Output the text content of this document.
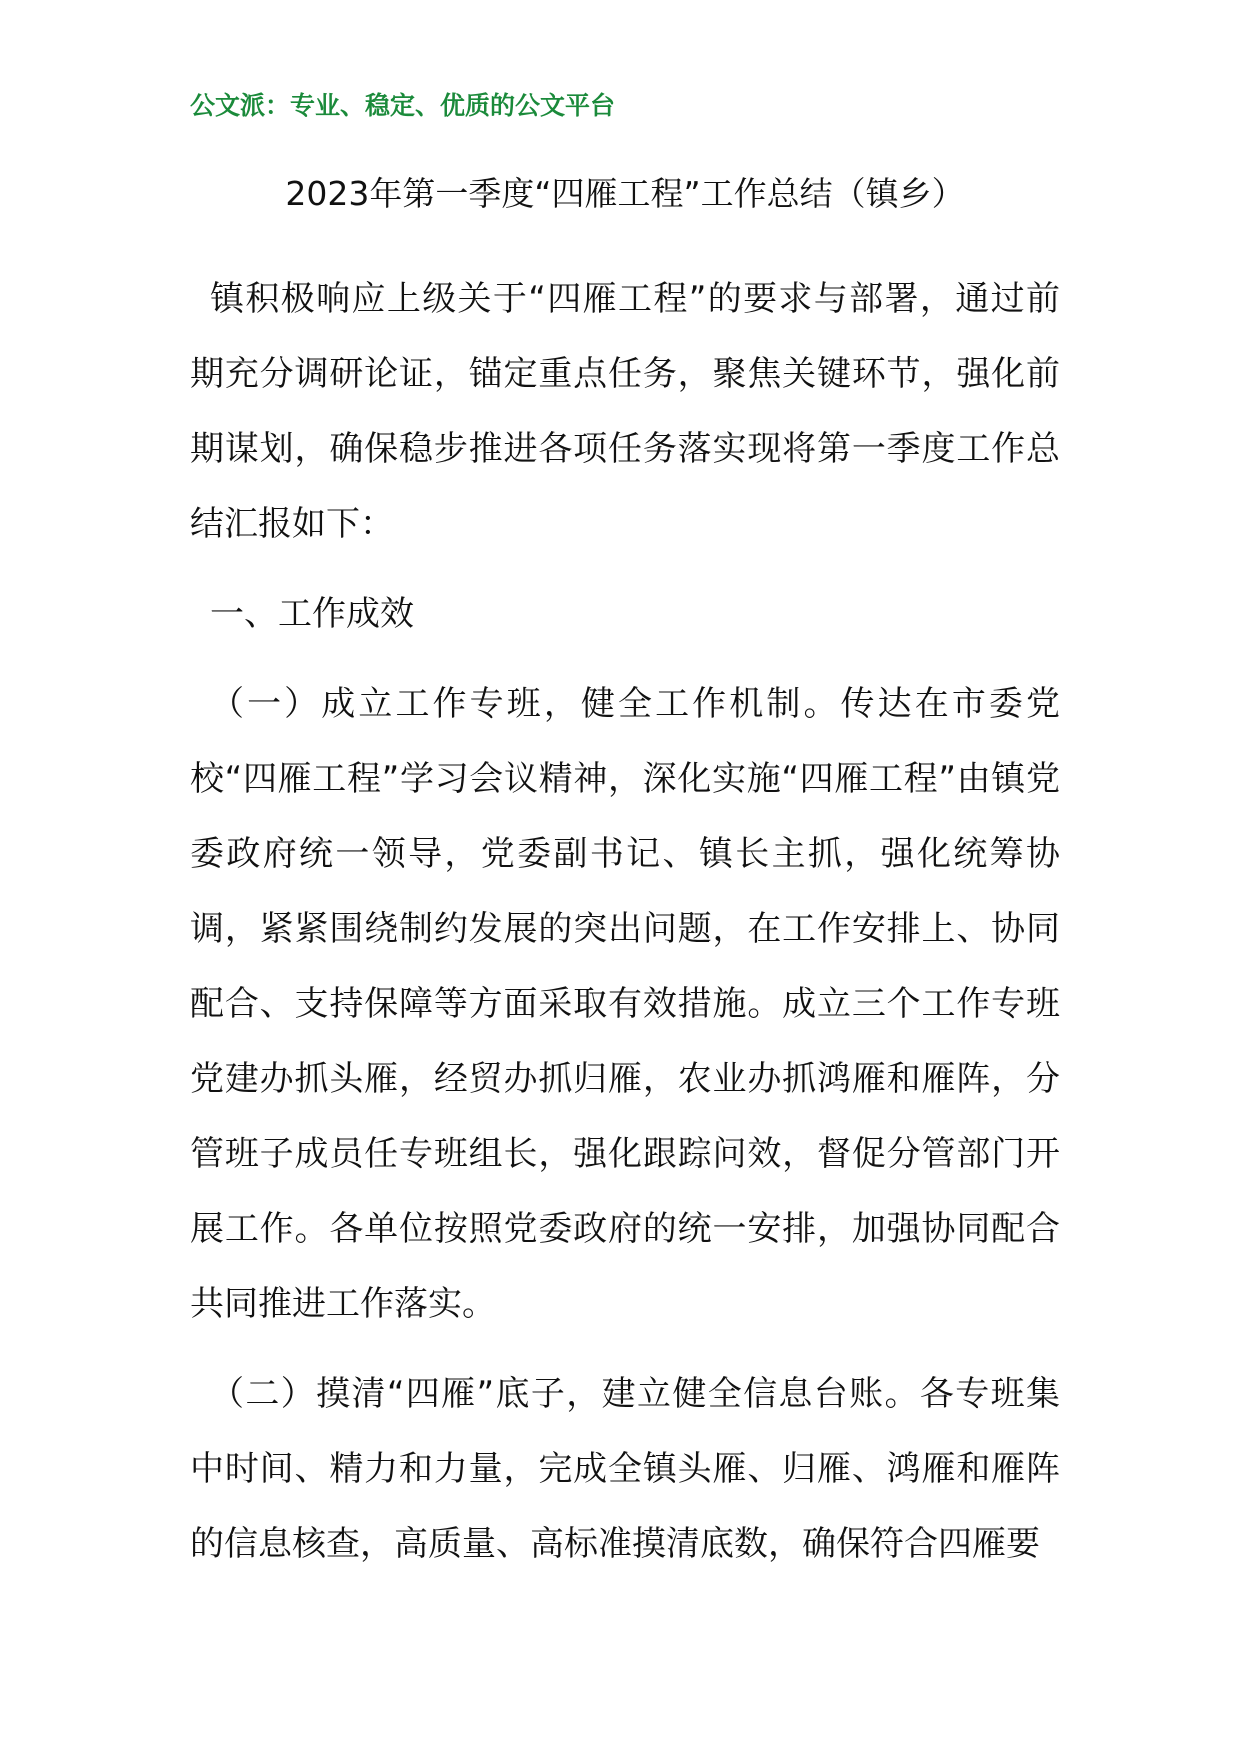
公文派：专业、稳定、优质的公文平台
2023年第一季度“四雁工程”工作总结（镇乡）

镇积极响应上级关于“四雁工程”的要求与部署，通过前期充分调研论证，锚定重点任务，聚焦关键环节，强化前期谋划，确保稳步推进各项任务落实现将第一季度工作总结汇报如下：

一、工作成效

（一）成立工作专班，健全工作机制。传达在市委党校“四雁工程”学习会议精神，深化实施“四雁工程”由镇党委政府统一领导，党委副书记、镇长主抓，强化统筹协调，紧紧围绕制约发展的突出问题，在工作安排上、协同配合、支持保障等方面采取有效措施。成立三个工作专班党建办抓头雁，经贸办抓归雁，农业办抓鸿雁和雁阵，分管班子成员任专班组长，强化跟踪问效，督促分管部门开展工作。各单位按照党委政府的统一安排，加强协同配合共同推进工作落实。

（二）摸清“四雁”底子，建立健全信息台账。各专班集中时间、精力和力量，完成全镇头雁、归雁、鸿雁和雁阵的信息核查，高质量、高标准摸清底数，确保符合四雁要
